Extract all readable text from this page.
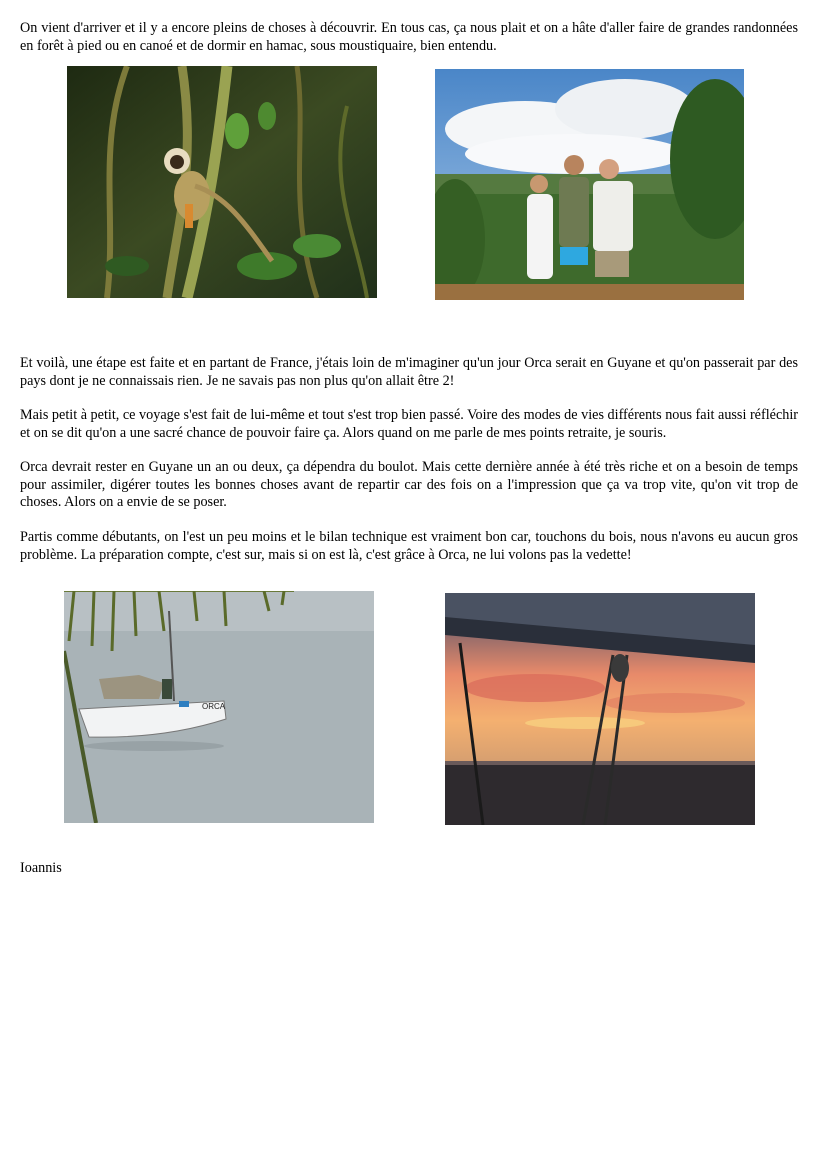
On vient d'arriver et il y a encore pleins de choses à découvrir. En tous cas, ça nous plait et on a hâte d'aller faire de grandes randonnées en forêt à pied ou en canoé et de dormir en hamac, sous moustiquaire, bien entendu.

Et voilà, une étape est faite et en partant de France, j'étais loin de m'imaginer qu'un jour Orca serait en Guyane et qu'on passerait par des pays dont je ne connaissais rien. Je ne savais pas non plus qu'on allait être 2!

Mais petit à petit, ce voyage s'est fait de lui-même et tout s'est trop bien passé. Voire des modes de vies différents nous fait aussi réfléchir et on se dit qu'on a une sacré chance de pouvoir faire ça. Alors quand on me parle de mes points retraite, je souris.

Orca devrait rester en Guyane un an ou deux, ça dépendra du boulot. Mais cette dernière année à été très riche et on a besoin de temps pour assimiler, digérer toutes les bonnes choses avant de repartir car des fois on a l'impression que ça va trop vite, qu'on vit trop de choses. Alors on a envie de se poser.

Partis comme débutants, on l'est un peu moins et le bilan technique est vraiment bon car, touchons du bois, nous n'avons eu aucun gros problème. La préparation compte, c'est sur, mais si on est là, c'est grâce à Orca, ne lui volons pas la vedette!

ORCA

Ioannis
